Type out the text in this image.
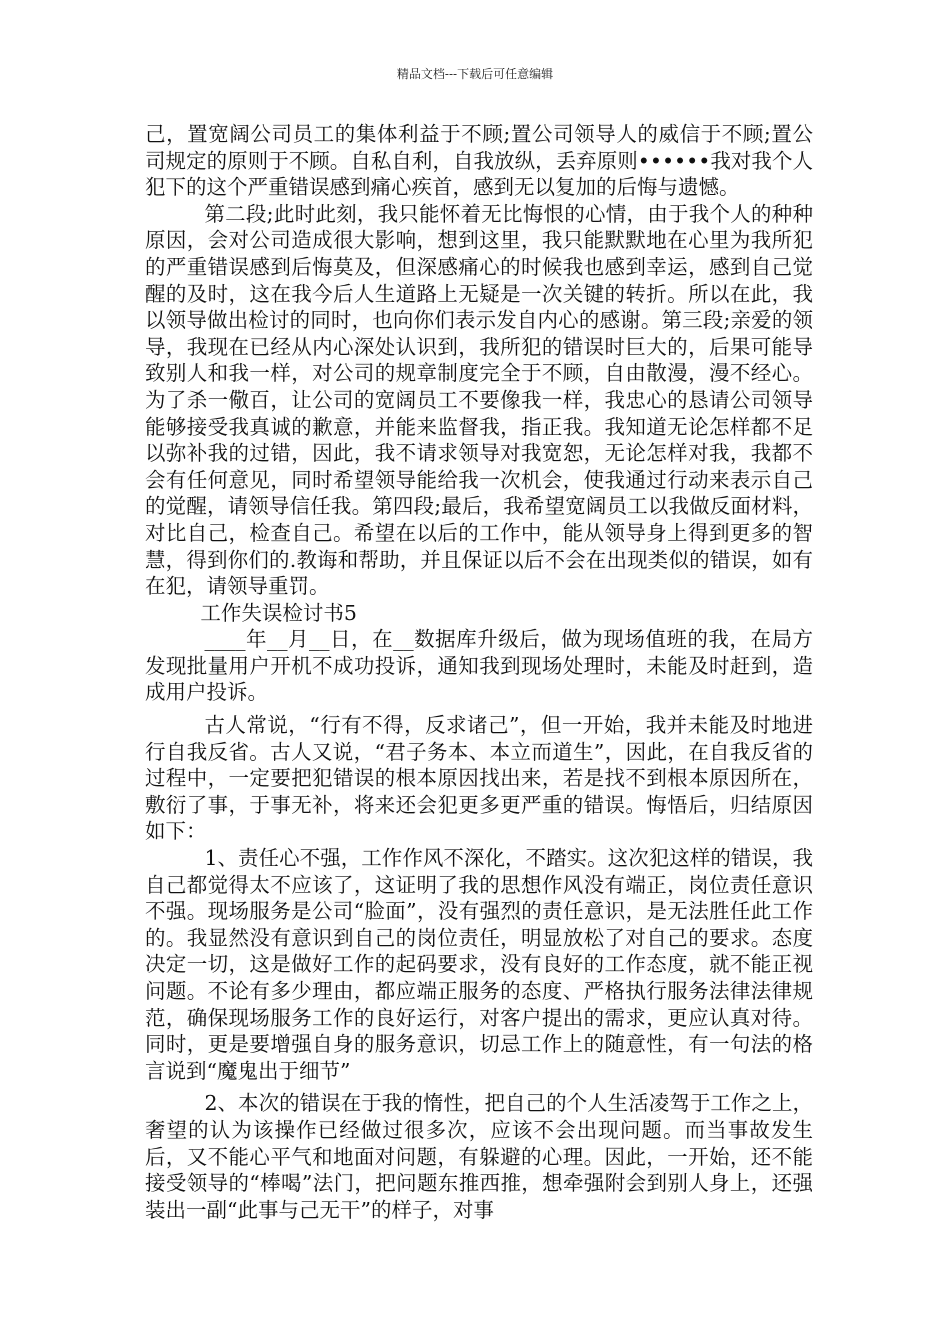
精品文档---下载后可任意编辑

己，置宽阔公司员工的集体利益于不顾;置公司领导人的威信于不顾;置公司规定的原则于不顾。自私自利，自我放纵，丢弃原则••••••我对我个人犯下的这个严重错误感到痛心疾首，感到无以复加的后悔与遗憾。

第二段;此时此刻，我只能怀着无比悔恨的心情，由于我个人的种种原因，会对公司造成很大影响，想到这里，我只能默默地在心里为我所犯的严重错误感到后悔莫及，但深感痛心的时候我也感到幸运，感到自己觉醒的及时，这在我今后人生道路上无疑是一次关键的转折。所以在此，我以领导做出检讨的同时，也向你们表示发自内心的感谢。第三段;亲爱的领导，我现在已经从内心深处认识到，我所犯的错误时巨大的，后果可能导致别人和我一样，对公司的规章制度完全于不顾，自由散漫，漫不经心。为了杀一儆百，让公司的宽阔员工不要像我一样，我忠心的恳请公司领导能够接受我真诚的歉意，并能来监督我，指正我。我知道无论怎样都不足以弥补我的过错，因此，我不请求领导对我宽恕，无论怎样对我，我都不会有任何意见，同时希望领导能给我一次机会，使我通过行动来表示自己的觉醒，请领导信任我。第四段;最后，我希望宽阔员工以我做反面材料，对比自己，检查自己。希望在以后的工作中，能从领导身上得到更多的智慧，得到你们的.教诲和帮助，并且保证以后不会在出现类似的错误，如有在犯，请领导重罚。

工作失误检讨书5

____年__月__日，在__数据库升级后，做为现场值班的我，在局方发现批量用户开机不成功投诉，通知我到现场处理时，未能及时赶到，造成用户投诉。

古人常说，“行有不得，反求诸己”，但一开始，我并未能及时地进行自我反省。古人又说，“君子务本、本立而道生”，因此，在自我反省的过程中，一定要把犯错误的根本原因找出来，若是找不到根本原因所在，敷衍了事，于事无补，将来还会犯更多更严重的错误。悔悟后，归结原因如下：

1、责任心不强，工作作风不深化，不踏实。这次犯这样的错误，我自己都觉得太不应该了，这证明了我的思想作风没有端正，岗位责任意识不强。现场服务是公司“脸面”，没有强烈的责任意识，是无法胜任此工作的。我显然没有意识到自己的岗位责任，明显放松了对自己的要求。态度决定一切，这是做好工作的起码要求，没有良好的工作态度，就不能正视问题。不论有多少理由，都应端正服务的态度、严格执行服务法律法律规范，确保现场服务工作的良好运行，对客户提出的需求，更应认真对待。同时，更是要增强自身的服务意识，切忌工作上的随意性，有一句法的格言说到“魔鬼出于细节”

2、本次的错误在于我的惰性，把自己的个人生活凌驾于工作之上，奢望的认为该操作已经做过很多次，应该不会出现问题。而当事故发生后，又不能心平气和地面对问题，有躲避的心理。因此，一开始，还不能接受领导的“棒喝”法门，把问题东推西推，想牵强附会到别人身上，还强装出一副“此事与己无干”的样子，对事
